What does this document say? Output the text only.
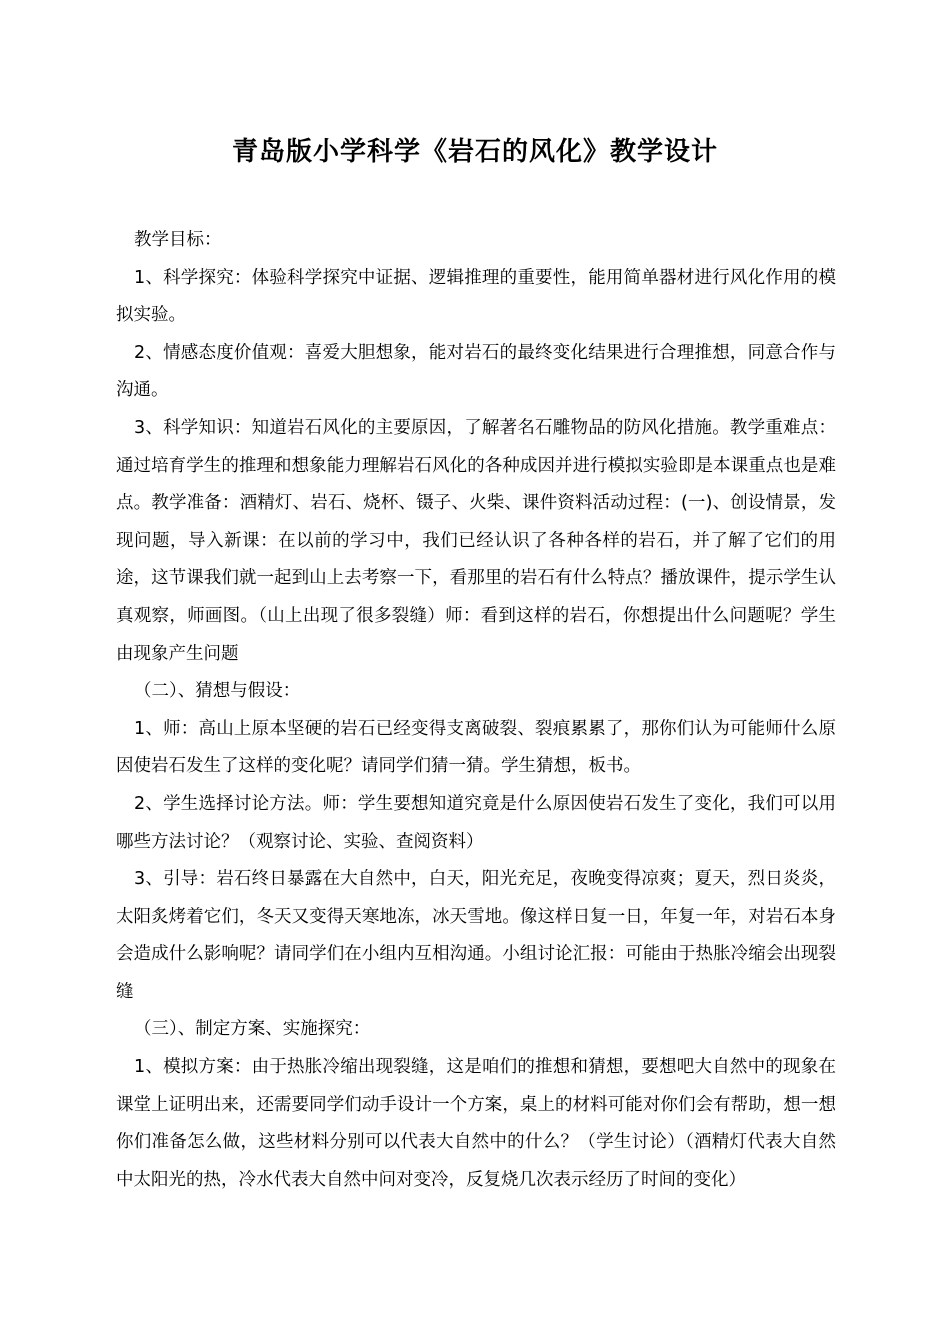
青岛版小学科学《岩石的风化》教学设计

教学目标：

1、科学探究：体验科学探究中证据、逻辑推理的重要性，能用简单器材进行风化作用的模拟实验。

2、情感态度价值观：喜爱大胆想象，能对岩石的最终变化结果进行合理推想，同意合作与沟通。

3、科学知识：知道岩石风化的主要原因，了解著名石雕物品的防风化措施。教学重难点：通过培育学生的推理和想象能力理解岩石风化的各种成因并进行模拟实验即是本课重点也是难点。教学准备：酒精灯、岩石、烧杯、镊子、火柴、课件资料活动过程：(一)、创设情景，发现问题，导入新课：在以前的学习中，我们已经认识了各种各样的岩石，并了解了它们的用途，这节课我们就一起到山上去考察一下，看那里的岩石有什么特点？播放课件，提示学生认真观察，师画图。（山上出现了很多裂缝）师：看到这样的岩石，你想提出什么问题呢？学生由现象产生问题

（二）、猜想与假设：

1、师：高山上原本坚硬的岩石已经变得支离破裂、裂痕累累了，那你们认为可能师什么原因使岩石发生了这样的变化呢？请同学们猜一猜。学生猜想，板书。

2、学生选择讨论方法。师：学生要想知道究竟是什么原因使岩石发生了变化，我们可以用哪些方法讨论？（观察讨论、实验、查阅资料）

3、引导：岩石终日暴露在大自然中，白天，阳光充足，夜晚变得凉爽；夏天，烈日炎炎，太阳炙烤着它们，冬天又变得天寒地冻，冰天雪地。像这样日复一日，年复一年，对岩石本身会造成什么影响呢？请同学们在小组内互相沟通。小组讨论汇报：可能由于热胀冷缩会出现裂缝

（三）、制定方案、实施探究：

1、模拟方案：由于热胀冷缩出现裂缝，这是咱们的推想和猜想，要想吧大自然中的现象在课堂上证明出来，还需要同学们动手设计一个方案，桌上的材料可能对你们会有帮助，想一想你们准备怎么做，这些材料分别可以代表大自然中的什么？（学生讨论）（酒精灯代表大自然中太阳光的热，冷水代表大自然中问对变冷，反复烧几次表示经历了时间的变化）
